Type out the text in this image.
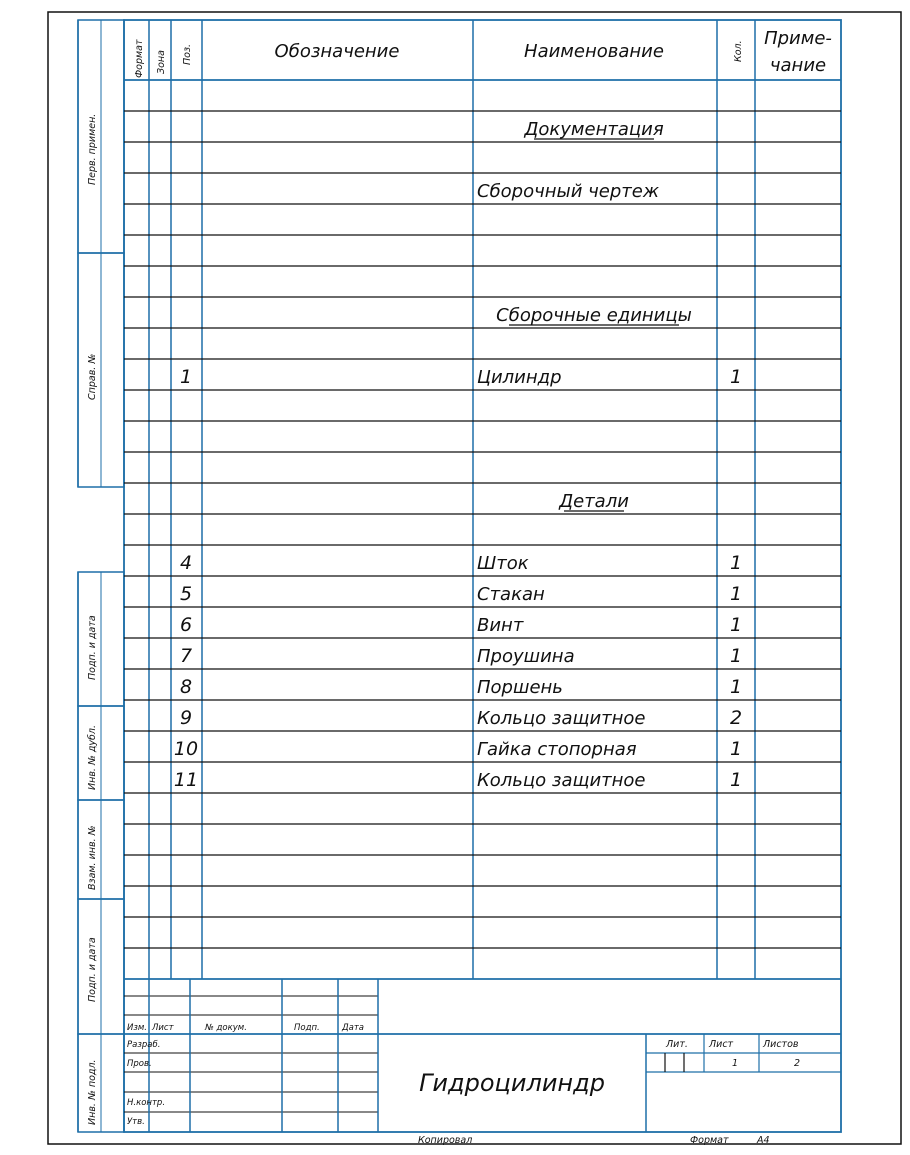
Документация
Сборочный чертеж
Сборочные единицы
1	Цилиндр	1
Детали
4	Шток	1
5	Стакан	1
6	Винт	1
7	Проушина	1
8	Поршень	1
9	Кольцо защитное	2
10	Гайка стопорная	1
11	Кольцо защитное	1
Формат Зона Поз.	Обозначение	Наименование	Кол.
Приме-
чание
Перв. примен.
Справ. №
Подп. и дата
Инв. № дубл.
Взам. инв. №
Подп. и дата
Инв. № подл.
Изм. Лист	№ докум.	Подп.	Дата
Разраб.
Пров.
Н.контр.
Утв.
Гидроцилиндр
Лит. Лист	Листов
1	2
Копировал	Формат	А4
